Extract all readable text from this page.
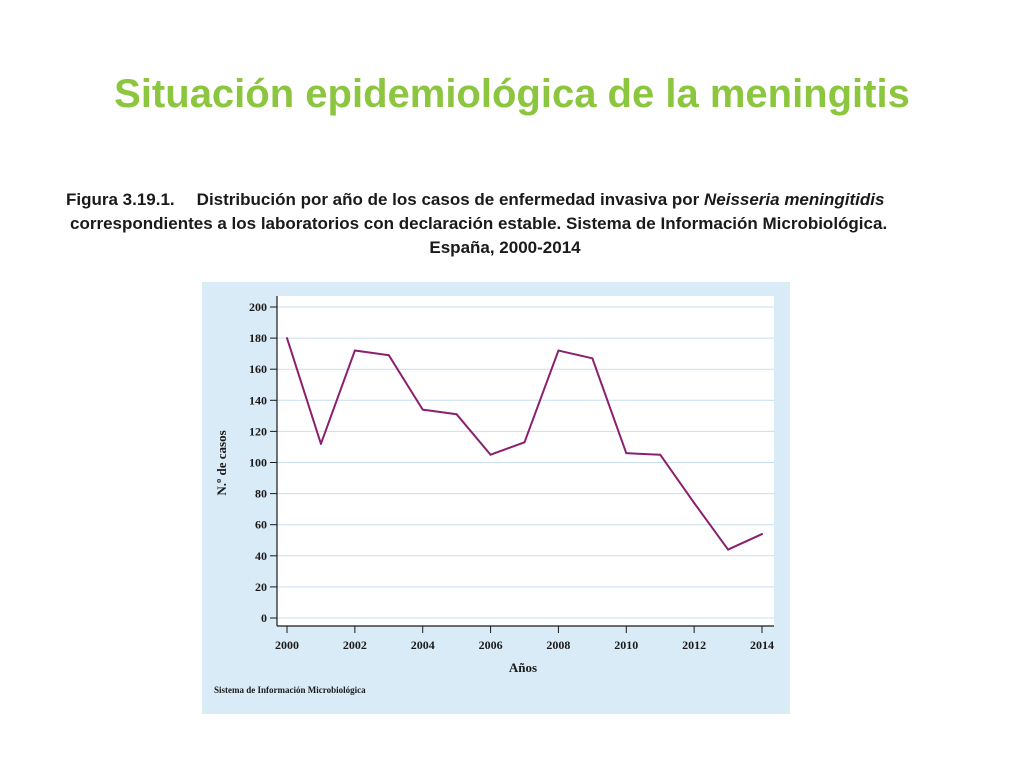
Situación epidemiológica de la meningitis
Figura 3.19.1. Distribución por año de los casos de enfermedad invasiva por Neisseria meningitidis
correspondientes a los laboratorios con declaración estable. Sistema de Información Microbiológica.
España, 2000-2014
0
20
40
60
80
100
120
140
160
180
200
2000	2002	2004	2006	2008	2010	2012	2014
N.º de casos
Años
Sistema de Información Microbiológica
